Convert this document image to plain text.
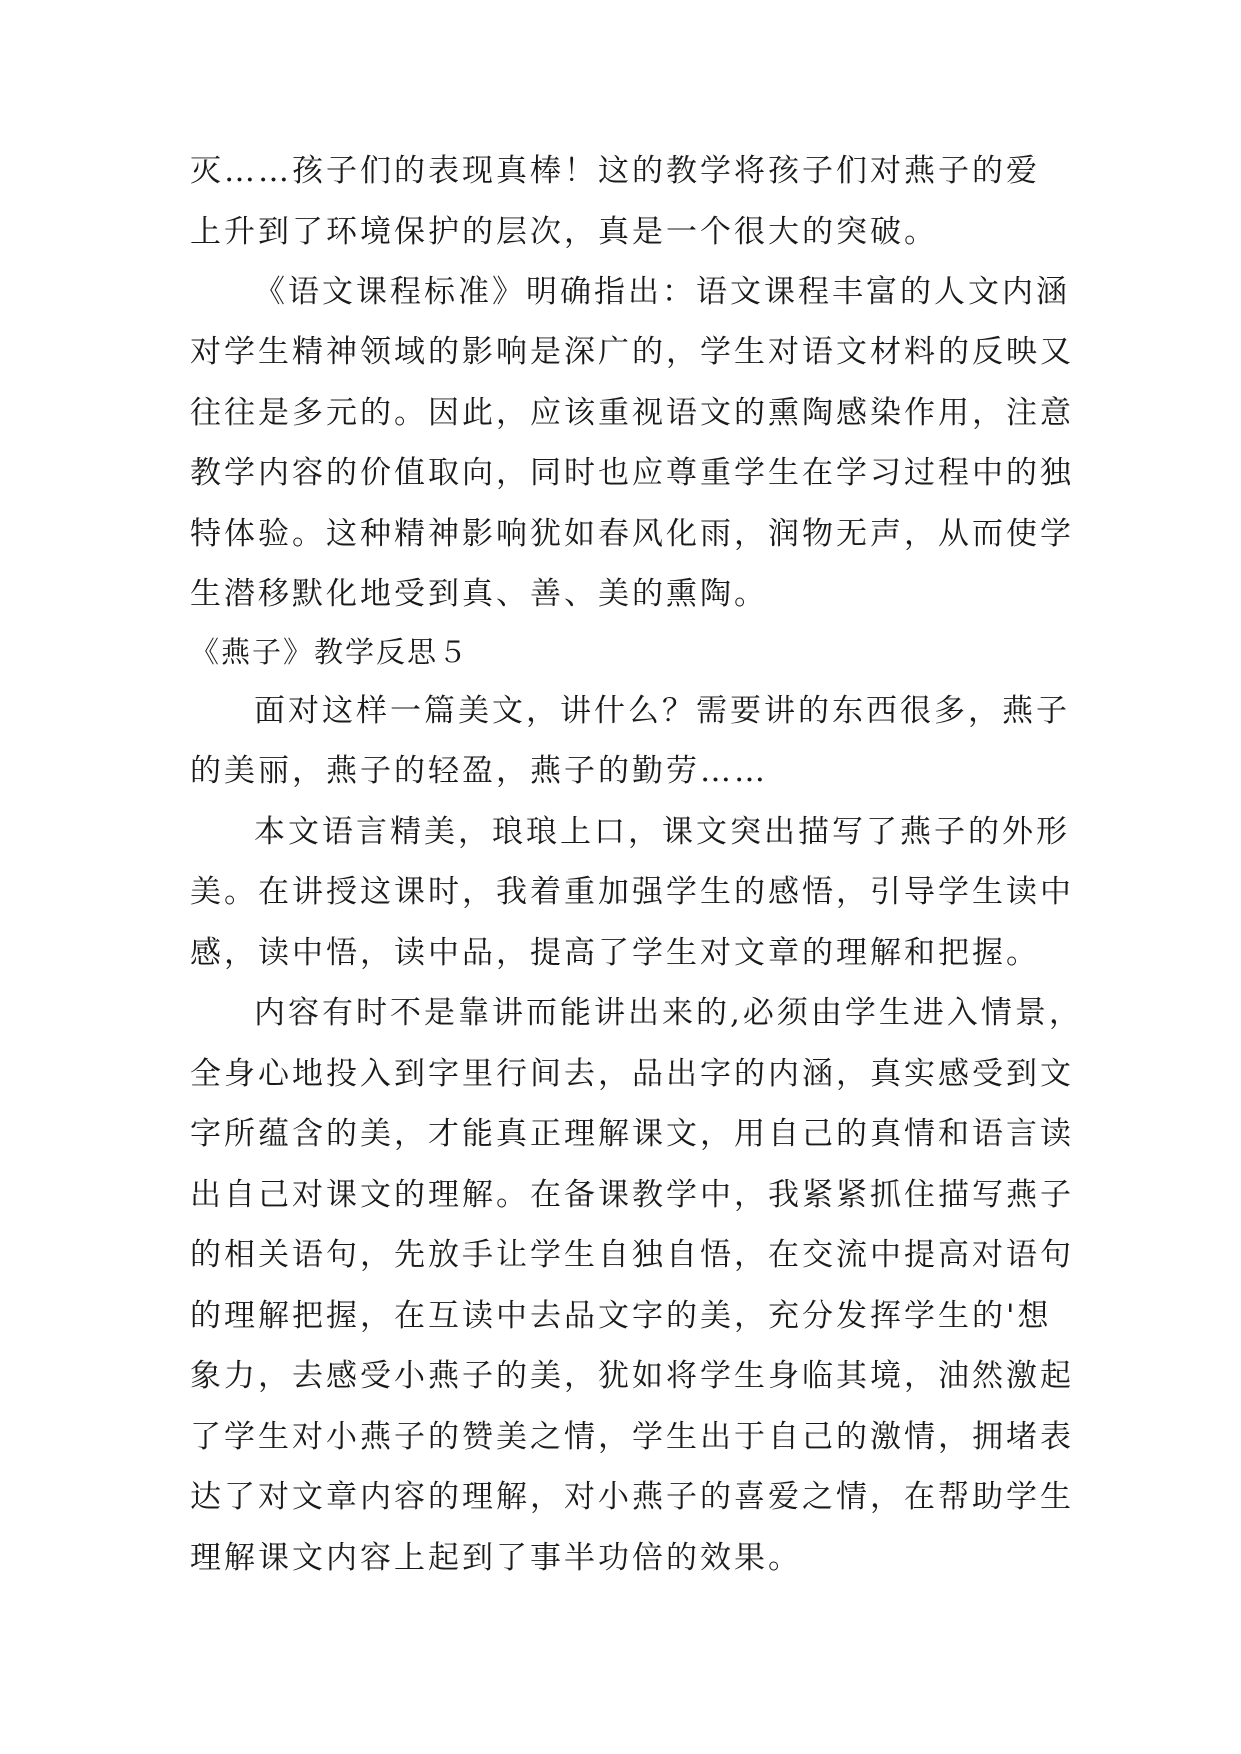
灭……孩子们的表现真棒！这的教学将孩子们对燕子的爱
上升到了环境保护的层次，真是一个很大的突破。
《语文课程标准》明确指出：语文课程丰富的人文内涵
对学生精神领域的影响是深广的，学生对语文材料的反映又
往往是多元的。因此，应该重视语文的熏陶感染作用，注意
教学内容的价值取向，同时也应尊重学生在学习过程中的独
特体验。这种精神影响犹如春风化雨，润物无声，从而使学
生潜移默化地受到真、善、美的熏陶。
《燕子》教学反思５
面对这样一篇美文，讲什么？需要讲的东西很多，燕子
的美丽，燕子的轻盈，燕子的勤劳……
本文语言精美，琅琅上口，课文突出描写了燕子的外形
美。在讲授这课时，我着重加强学生的感悟，引导学生读中
感，读中悟，读中品，提高了学生对文章的理解和把握。
内容有时不是靠讲而能讲出来的,必须由学生进入情景，
全身心地投入到字里行间去，品出字的内涵，真实感受到文
字所蕴含的美，才能真正理解课文，用自己的真情和语言读
出自己对课文的理解。在备课教学中，我紧紧抓住描写燕子
的相关语句，先放手让学生自独自悟，在交流中提高对语句
的理解把握，在互读中去品文字的美，充分发挥学生的'想
象力，去感受小燕子的美，犹如将学生身临其境，油然激起
了学生对小燕子的赞美之情，学生出于自己的激情，拥堵表
达了对文章内容的理解，对小燕子的喜爱之情，在帮助学生
理解课文内容上起到了事半功倍的效果。
